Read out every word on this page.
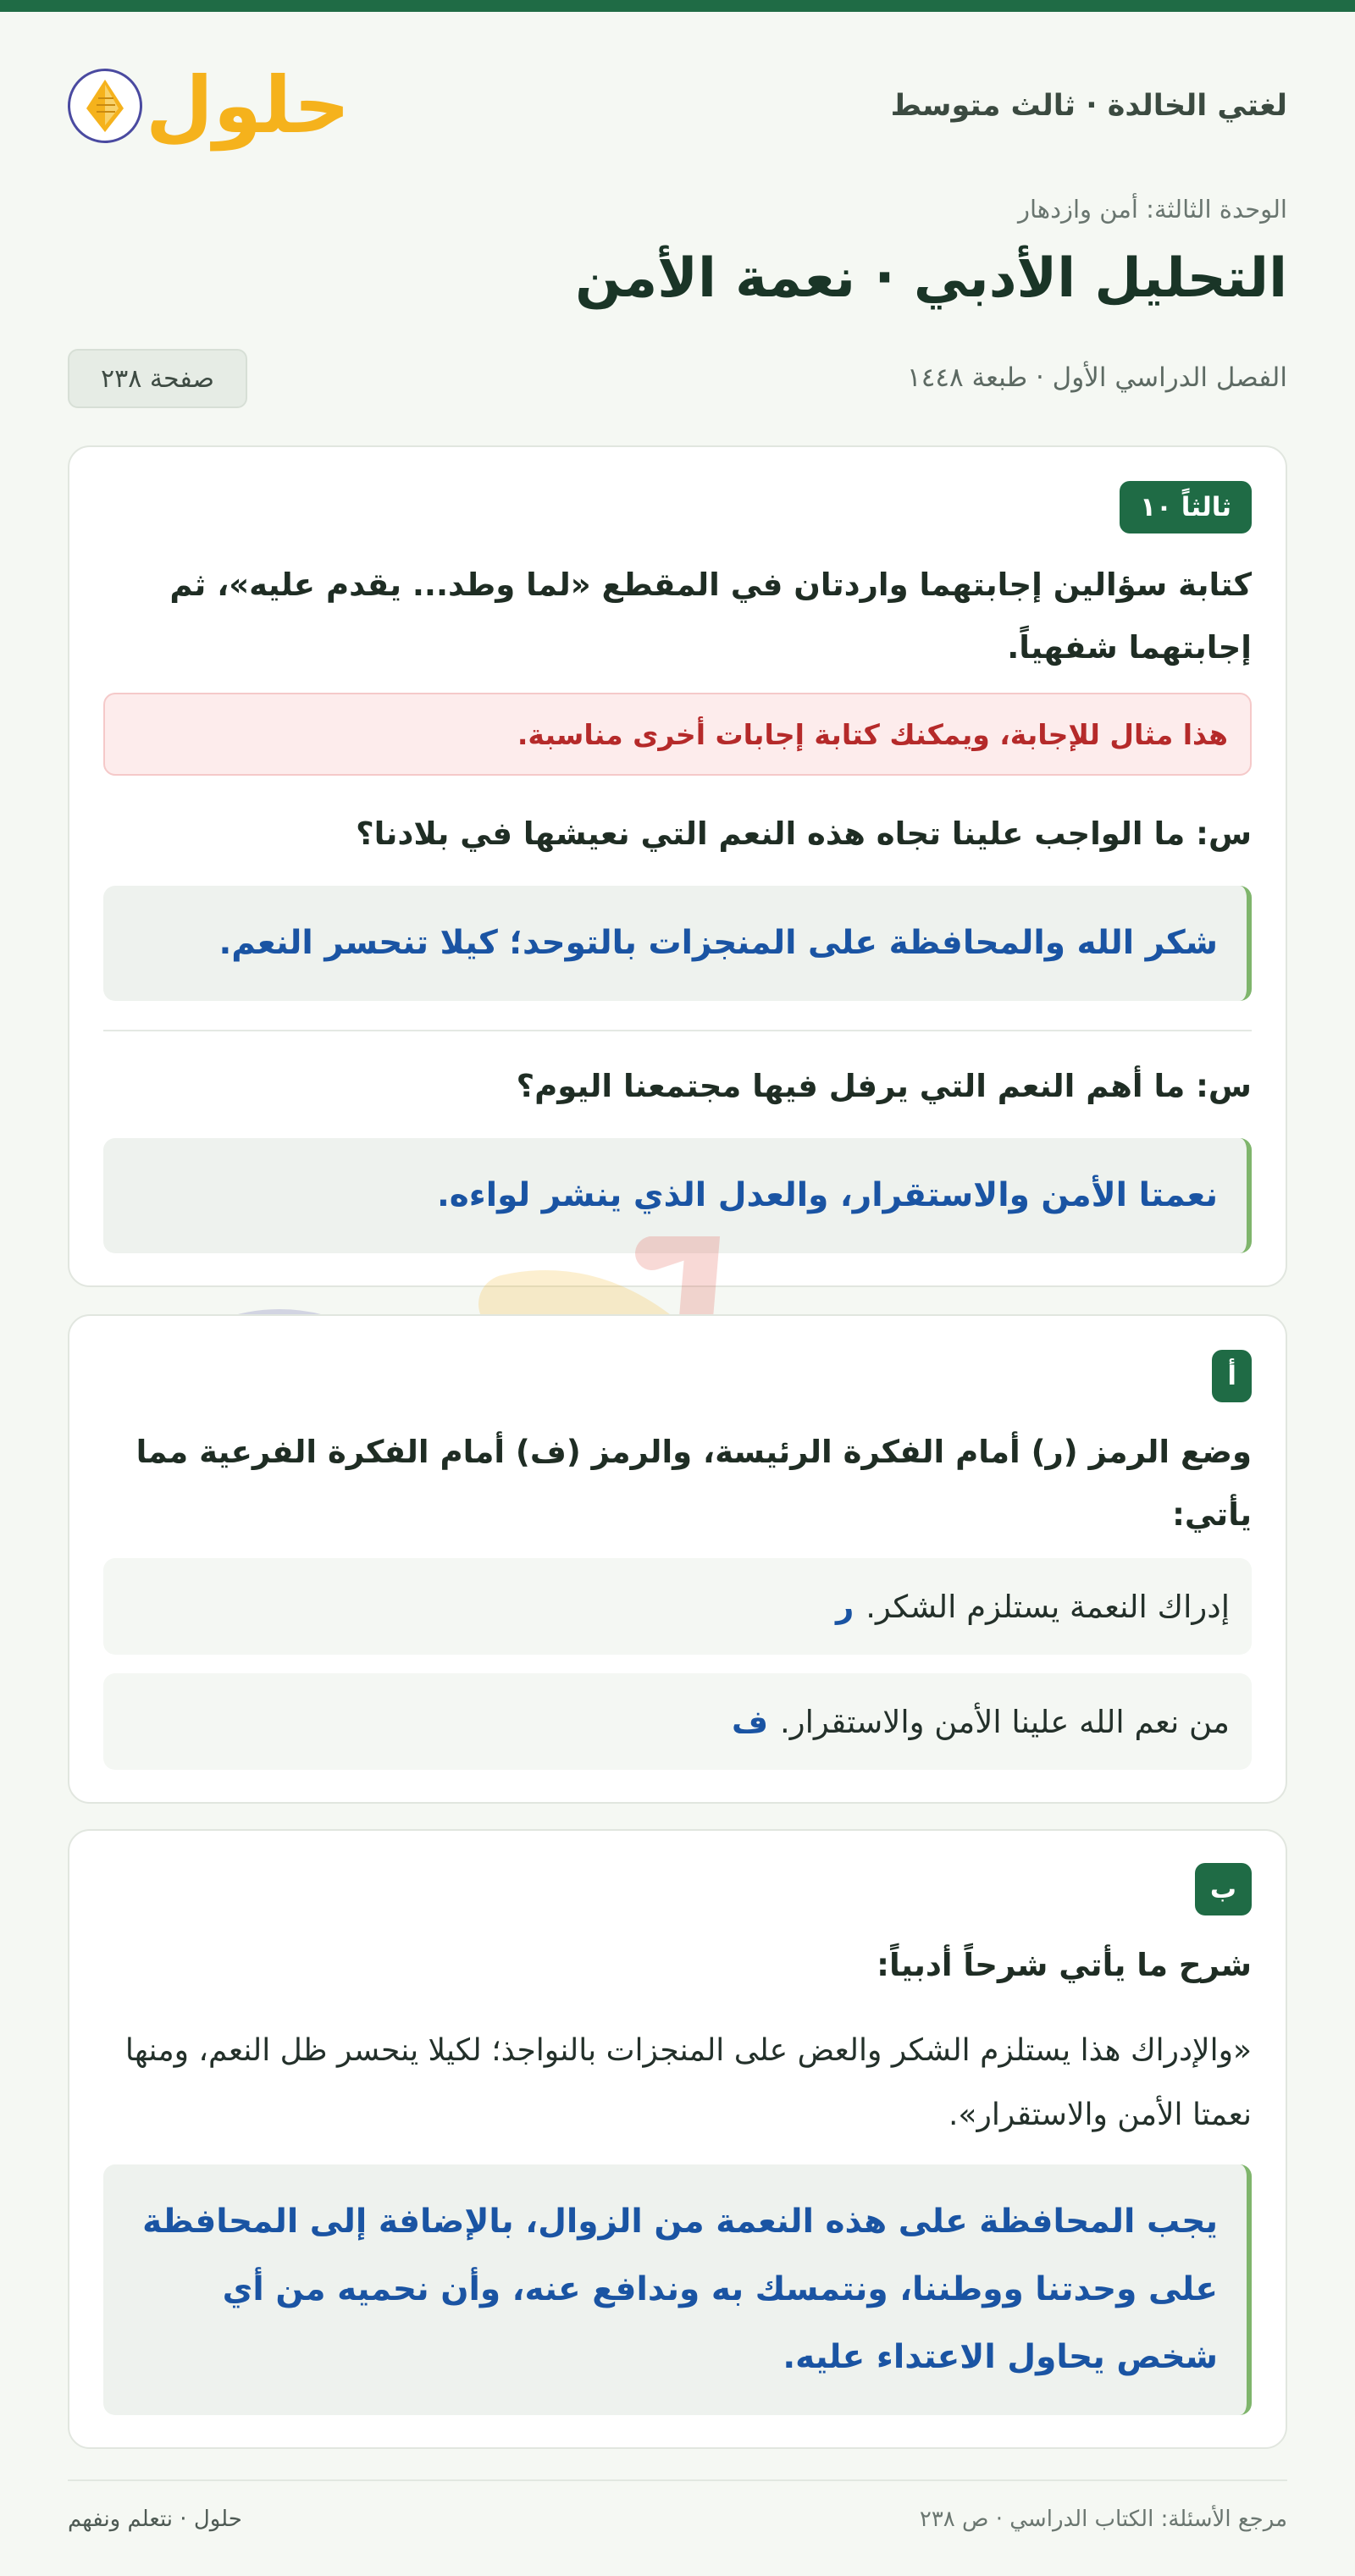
لغتي الخالدة · ثالث متوسط
حلول
الوحدة الثالثة: أمن وازدهار
التحليل الأدبي · نعمة الأمن
الفصل الدراسي الأول · طبعة ١٤٤٨
صفحة ٢٣٨
ثالثاً ١٠
كتابة سؤالين إجابتهما واردتان في المقطع «لما وطد... يقدم عليه»، ثم إجابتهما شفهياً.
هذا مثال للإجابة، ويمكنك كتابة إجابات أخرى مناسبة.
س: ما الواجب علينا تجاه هذه النعم التي نعيشها في بلادنا؟
شكر الله والمحافظة على المنجزات بالتوحد؛ كيلا تنحسر النعم.
س: ما أهم النعم التي يرفل فيها مجتمعنا اليوم؟
نعمتا الأمن والاستقرار، والعدل الذي ينشر لواءه.
أ
وضع الرمز (ر) أمام الفكرة الرئيسة، والرمز (ف) أمام الفكرة الفرعية مما يأتي:
إدراك النعمة يستلزم الشكر.
ر
من نعم الله علينا الأمن والاستقرار.
ف
ب
شرح ما يأتي شرحاً أدبياً:
«والإدراك هذا يستلزم الشكر والعض على المنجزات بالنواجذ؛ لكيلا ينحسر ظل النعم، ومنها نعمتا الأمن والاستقرار».
يجب المحافظة على هذه النعمة من الزوال، بالإضافة إلى المحافظة على وحدتنا ووطننا، ونتمسك به وندافع عنه، وأن نحميه من أي شخص يحاول الاعتداء عليه.
مرجع الأسئلة: الكتاب الدراسي · ص ٢٣٨
حلول · نتعلم ونفهم
